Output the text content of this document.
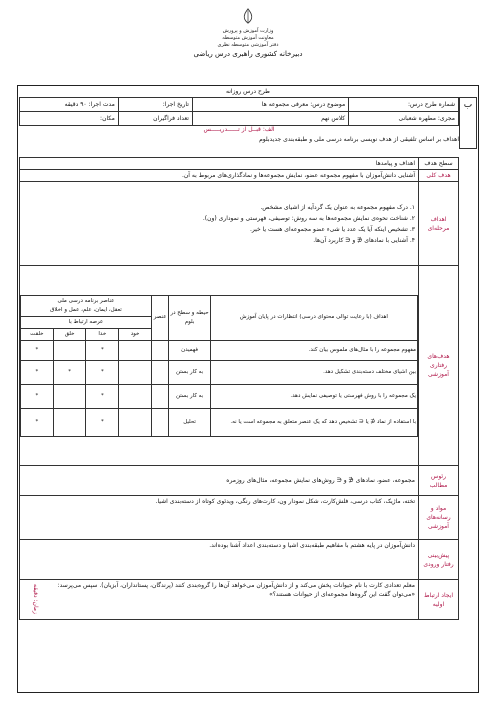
وزارت آموزش و پرورش
معاونت آموزش متوسطه
دفتر آموزشی متوسطه نظری
دبیرخانه کشوری راهبری درس ریاضی
طرح درس روزانه
شماره طرح درس:	موضوع درس: معرفی مجموعه ها	تاریخ اجرا:	مدت اجرا: ۹۰ دقیقه
مجری: مطهره شعبانی	کلاس نهم	تعداد فراگیران	مکان:
ب
الف: قبــل از تــــــدریـــــس
اهداف بر اساس تلفیقی از هدف نویسی برنامه درسی ملی و طبقه‌بندی جدیدبلوم
سطح هدف	اهداف و پیامدها
هدف کلی	آشنایی دانش‌آموزان با مفهوم مجموعه عضو، نمایش مجموعه‌ها و نمادگذاری‌های مربوط به آن.
اهداف مرحله‌ای	
۱. درک مفهوم مجموعه به عنوان یک گردآیه از اشیای مشخص.
۲. شناخت نحوه‌ی نمایش مجموعه‌ها به سه روش: توصیفی، فهرستی و نموداری (ون).
۳. تشخیص اینکه آیا یک عدد یا شیء عضو مجموعه‌ای هست یا خیر.
۴. آشنایی با نمادهای ∉ و ∈ کاربرد آن‌ها.

هدف‌های رفتاری آموزشی	
اهداف (با رعایت توالی محتوای درسی) انتظارات در پایان آموزش	حیطه و سطح در بلوم	عنصر	عناصر برنامه درسی ملی
تعقل، ایمان، علم، عمل و اخلاق
عرصه ارتباط با
خود	خدا	خلق	خلقت
مفهوم مجموعه را با مثال‌های ملموس بیان کند.	فهمیدن			*		*
بین اشیای مختلف دسته‌بندی تشکیل دهد.	به کار بستن			*	*	*
یک مجموعه را با روش فهرستی یا توصیفی نمایش دهد.	به کار بستن			*		*
با استفاده از نماد ∉ یا ∈ تشخیص دهد که یک عنصر متعلق به مجموعه است یا نه.	تحلیل			*		*

رئوس مطالب	مجموعه، عضو، نمادهای ∉ و ∈ روش‌های نمایش مجموعه، مثال‌های روزمره
مواد و رسانه‌های آموزشی	تخته، ماژیک، کتاب درسی، فلش‌کارت، شکل نمودار ون، کارت‌های رنگی، ویدئوی کوتاه از دسته‌بندی اشیا.
پیش‌بینی رفتار ورودی	دانش‌آموزان در پایه هشتم با مفاهیم طبقه‌بندی اشیا و دسته‌بندی اعداد آشنا بوده‌اند.
ایجاد ارتباط اولیه	معلم تعدادی کارت با نام حیوانات پخش می‌کند و از دانش‌آموزان می‌خواهد آن‌ها را گروه‌بندی کنند (پرندگان، پستانداران، آبزیان). سپس می‌پرسد: «می‌توان گفت این گروه‌ها مجموعه‌ای از حیوانات هستند؟»
زمان: دقیقه
